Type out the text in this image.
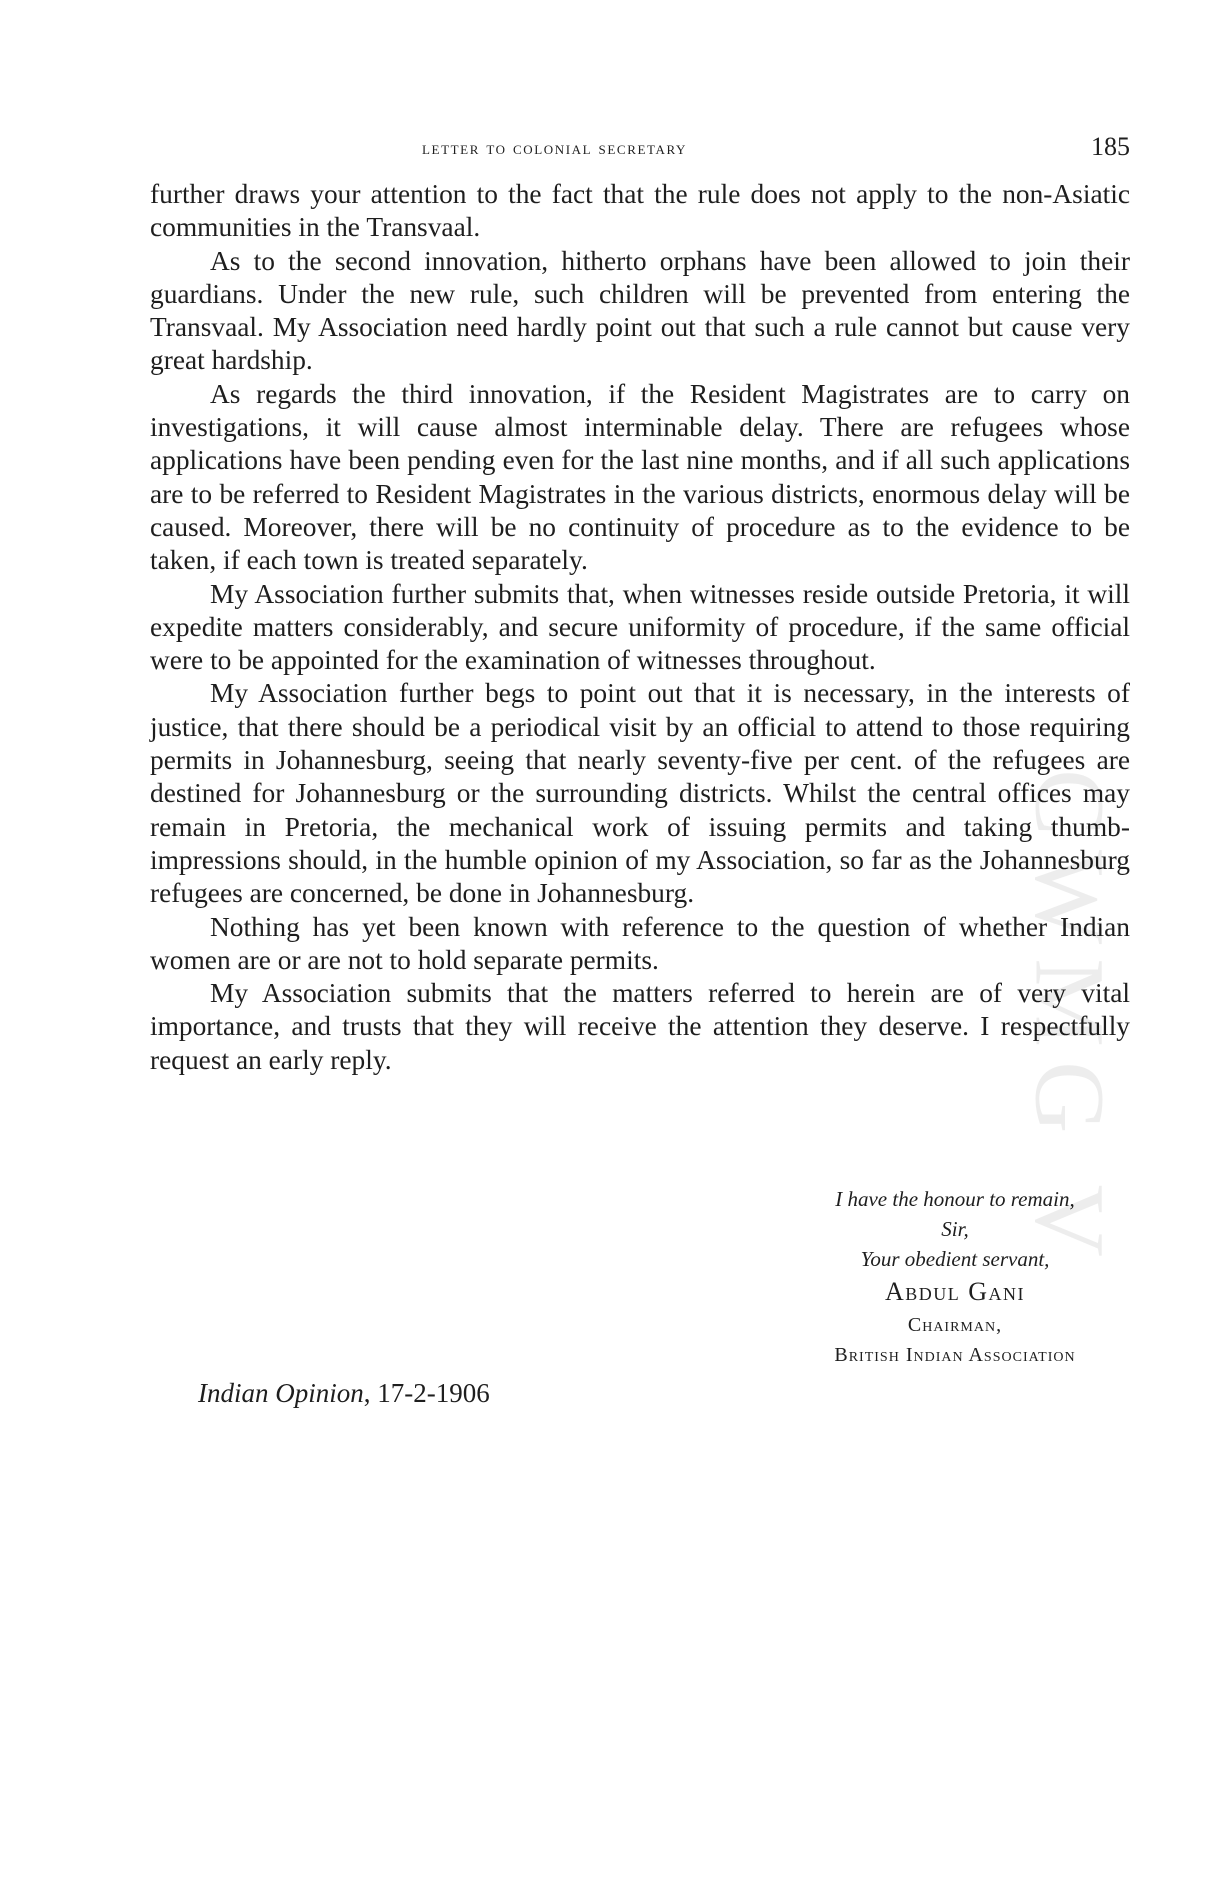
letter to colonial secretary	185

further draws your attention to the fact that the rule does not apply to the non-Asiatic communities in the Transvaal.

As to the second innovation, hitherto orphans have been allowed to join their guardians. Under the new rule, such children will be prevented from entering the Transvaal. My Association need hardly point out that such a rule cannot but cause very great hardship.

As regards the third innovation, if the Resident Magistrates are to carry on investigations, it will cause almost interminable delay. There are refugees whose applications have been pending even for the last nine months, and if all such applications are to be referred to Resident Magistrates in the various districts, enormous delay will be caused. Moreover, there will be no continuity of procedure as to the evidence to be taken, if each town is treated separately.

My Association further submits that, when witnesses reside outside Pretoria, it will expedite matters considerably, and secure uniformity of procedure, if the same official were to be appointed for the examination of witnesses throughout.

My Association further begs to point out that it is necessary, in the interests of justice, that there should be a periodical visit by an official to attend to those requiring permits in Johannesburg, seeing that nearly seventy-five per cent. of the refugees are destined for Johannesburg or the surrounding districts. Whilst the central offices may remain in Pretoria, the mechanical work of issuing permits and taking thumb-impressions should, in the humble opinion of my Association, so far as the Johannesburg refugees are concerned, be done in Johannesburg.

Nothing has yet been known with reference to the question of whether Indian women are or are not to hold separate permits.

My Association submits that the matters referred to herein are of very vital importance, and trusts that they will receive the attention they deserve. I respectfully request an early reply.

I have the honour to remain,
Sir,
Your obedient servant,
Abdul Gani
Chairman,
British Indian Association
Indian Opinion, 17-2-1906
CWMG V
